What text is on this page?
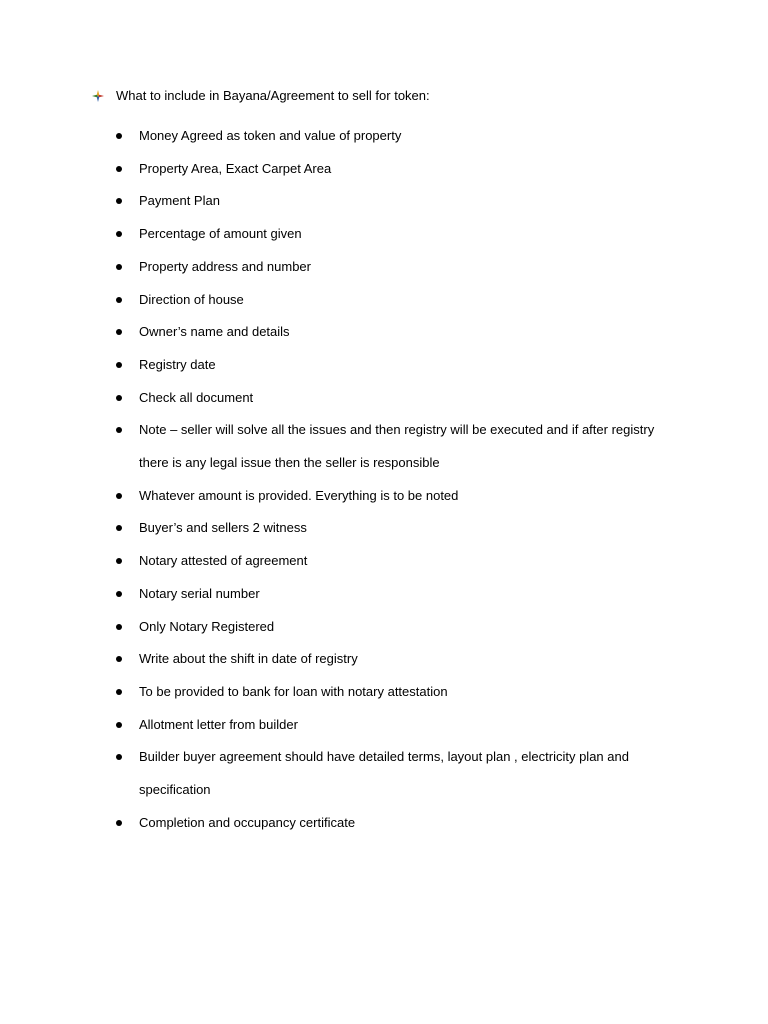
What to include in Bayana/Agreement to sell for token:
Money Agreed as token and value of property
Property Area, Exact Carpet Area
Payment Plan
Percentage of amount given
Property address and number
Direction of house
Owner’s name and details
Registry date
Check all document
Note – seller will solve all the issues and then registry will be executed and if after registry there is any legal issue then the seller is responsible
Whatever amount is provided. Everything is to be noted
Buyer’s and sellers 2 witness
Notary attested of agreement
Notary serial number
Only Notary Registered
Write about the shift in date of registry
To be provided to bank for loan with notary attestation
Allotment letter from builder
Builder buyer agreement should have detailed terms, layout plan , electricity plan and specification
Completion and occupancy certificate
